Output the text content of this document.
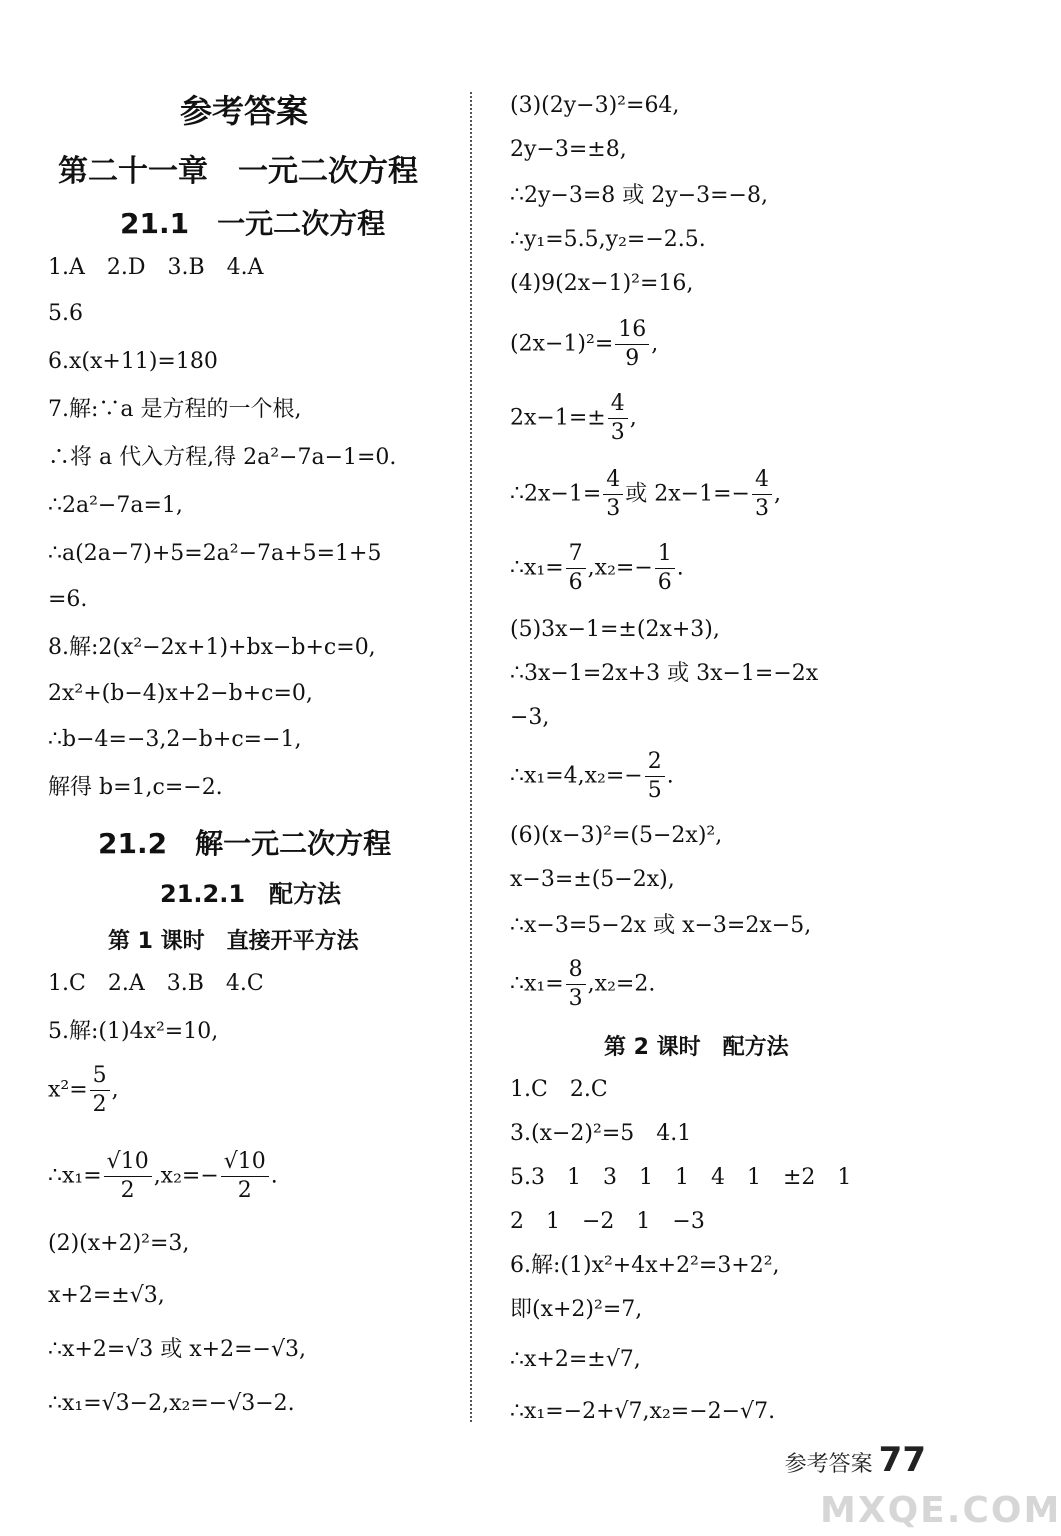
参考答案
第二十一章　一元二次方程
21.1　一元二次方程
1.A　2.D　3.B　4.A
5.6
6.x(x+11)=180
7.解:∵a 是方程的一个根,
∴将 a 代入方程,得 2a²−7a−1=0.
∴2a²−7a=1,
∴a(2a−7)+5=2a²−7a+5=1+5
=6.
8.解:2(x²−2x+1)+bx−b+c=0,
2x²+(b−4)x+2−b+c=0,
∴b−4=−3,2−b+c=−1,
解得 b=1,c=−2.
21.2　解一元二次方程
21.2.1　配方法
第 1 课时　直接开平方法
1.C　2.A　3.B　4.C
5.解:(1)4x²=10,
$x^2= \frac{5}{2}$ ,
∴x₁= $\frac{√10}{2} ,x_2=- \frac{√10}{2}$ .
(2)(x+2)²=3,
x+2=±√3,
∴x+2=√3 或 x+2=−√3,
∴x₁=√3−2,x₂=−√3−2.
(3)(2y−3)²=64,
2y−3=±8,
∴2y−3=8 或 2y−3=−8,
∴y₁=5.5,y₂=−2.5.
(4)9(2x−1)²=16,
$(2x-1)^2= \frac{16}{9}$ ,
$2x-1=\pm \frac{4}{3}$ ,
∴2x−1= $\frac{4}{3}$ 或 $2x-1=- \frac{4}{3}$ ,
∴x₁= $\frac{7}{6} ,x_2=- \frac{1}{6}$ .
(5)3x−1=±(2x+3),
∴3x−1=2x+3 或 3x−1=−2x
−3,
∴x₁=4,x₂=− $\frac{2}{5}$ .
(6)(x−3)²=(5−2x)²,
x−3=±(5−2x),
∴x−3=5−2x 或 x−3=2x−5,
∴x₁= $\frac{8}{3} ,x_2=2$.
第 2 课时　配方法
1.C　2.C
3.(x−2)²=5　4.1
5.3　1　3　1　1　4　1　±2　1
2　1　−2　1　−3
6.解:(1)x²+4x+2²=3+2²,
即(x+2)²=7,
∴x+2=±√7,
∴x₁=−2+√7,x₂=−2−√7.
参考答案 77
MXQE.COM
